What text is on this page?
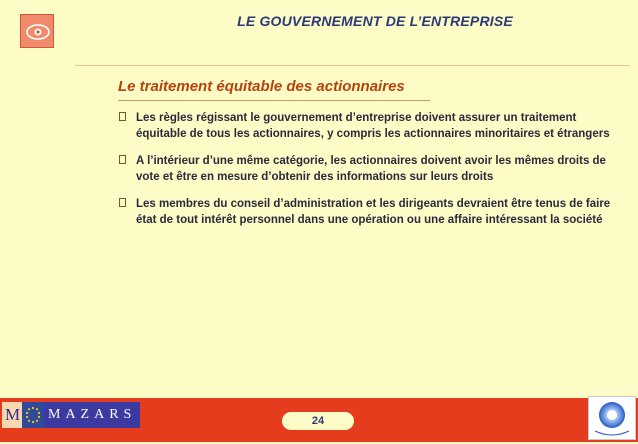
LE GOUVERNEMENT DE L’ENTREPRISE
Le traitement équitable des actionnaires
Les règles régissant le gouvernement d’entreprise doivent assurer un traitement équitable de tous les actionnaires, y compris les actionnaires minoritaires et étrangers
A l’intérieur d’une même catégorie, les actionnaires doivent avoir les mêmes droits de vote et être en mesure d’obtenir des informations sur leurs droits
Les membres du conseil d’administration et les dirigeants devraient être tenus de faire état de tout intérêt personnel dans une opération ou une affaire intéressant la société
M MAZARS	24
